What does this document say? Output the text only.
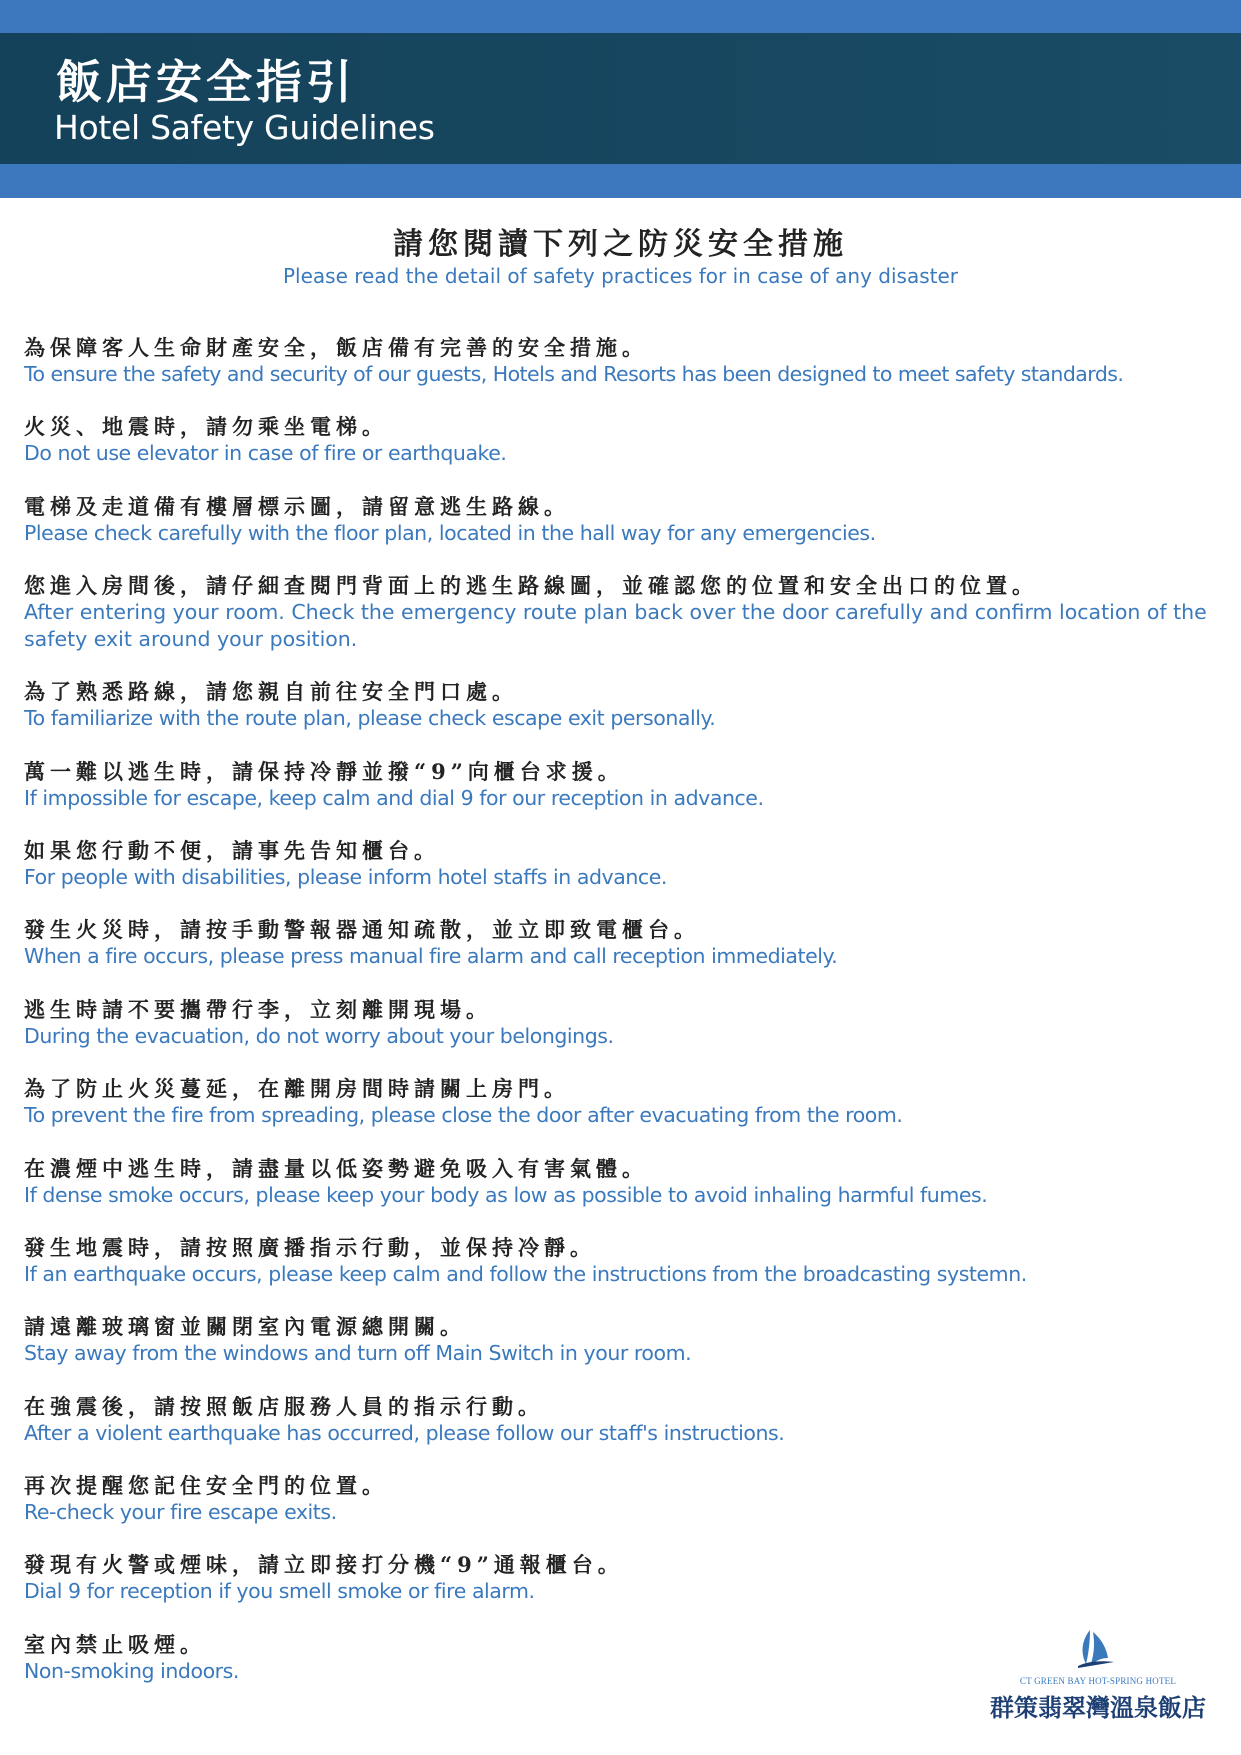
飯店安全指引
Hotel Safety Guidelines
請您閱讀下列之防災安全措施
Please read the detail of safety practices for in case of any disaster
為保障客人生命財產安全，飯店備有完善的安全措施。
To ensure the safety and security of our guests, Hotels and Resorts has been designed to meet safety standards.
火災、地震時，請勿乘坐電梯。
Do not use elevator in case of fire or earthquake.
電梯及走道備有樓層標示圖，請留意逃生路線。
Please check carefully with the floor plan, located in the hall way for any emergencies.
您進入房間後，請仔細查閱門背面上的逃生路線圖，並確認您的位置和安全出口的位置。
After entering your room. Check the emergency route plan back over the door carefully and confirm location of the safety exit around your position.
為了熟悉路線，請您親自前往安全門口處。
To familiarize with the route plan, please check escape exit personally.
萬一難以逃生時，請保持冷靜並撥“9”向櫃台求援。
If impossible for escape, keep calm and dial 9 for our reception in advance.
如果您行動不便，請事先告知櫃台。
For people with disabilities, please inform hotel staffs in advance.
發生火災時，請按手動警報器通知疏散，並立即致電櫃台。
When a fire occurs, please press manual fire alarm and call reception immediately.
逃生時請不要攜帶行李，立刻離開現場。
During the evacuation, do not worry about your belongings.
為了防止火災蔓延，在離開房間時請關上房門。
To prevent the fire from spreading, please close the door after evacuating from the room.
在濃煙中逃生時，請盡量以低姿勢避免吸入有害氣體。
If dense smoke occurs, please keep your body as low as possible to avoid inhaling harmful fumes.
發生地震時，請按照廣播指示行動，並保持冷靜。
If an earthquake occurs, please keep calm and follow the instructions from the broadcasting systemn.
請遠離玻璃窗並關閉室內電源總開關。
Stay away from the windows and turn off Main Switch in your room.
在強震後，請按照飯店服務人員的指示行動。
After a violent earthquake has occurred, please follow our staff's instructions.
再次提醒您記住安全門的位置。
Re-check your fire escape exits.
發現有火警或煙味，請立即接打分機“9”通報櫃台。
Dial 9 for reception if you smell smoke or fire alarm.
室內禁止吸煙。
Non-smoking indoors.	CT GREEN BAY HOT-SPRING HOTEL
群策翡翠灣溫泉飯店
